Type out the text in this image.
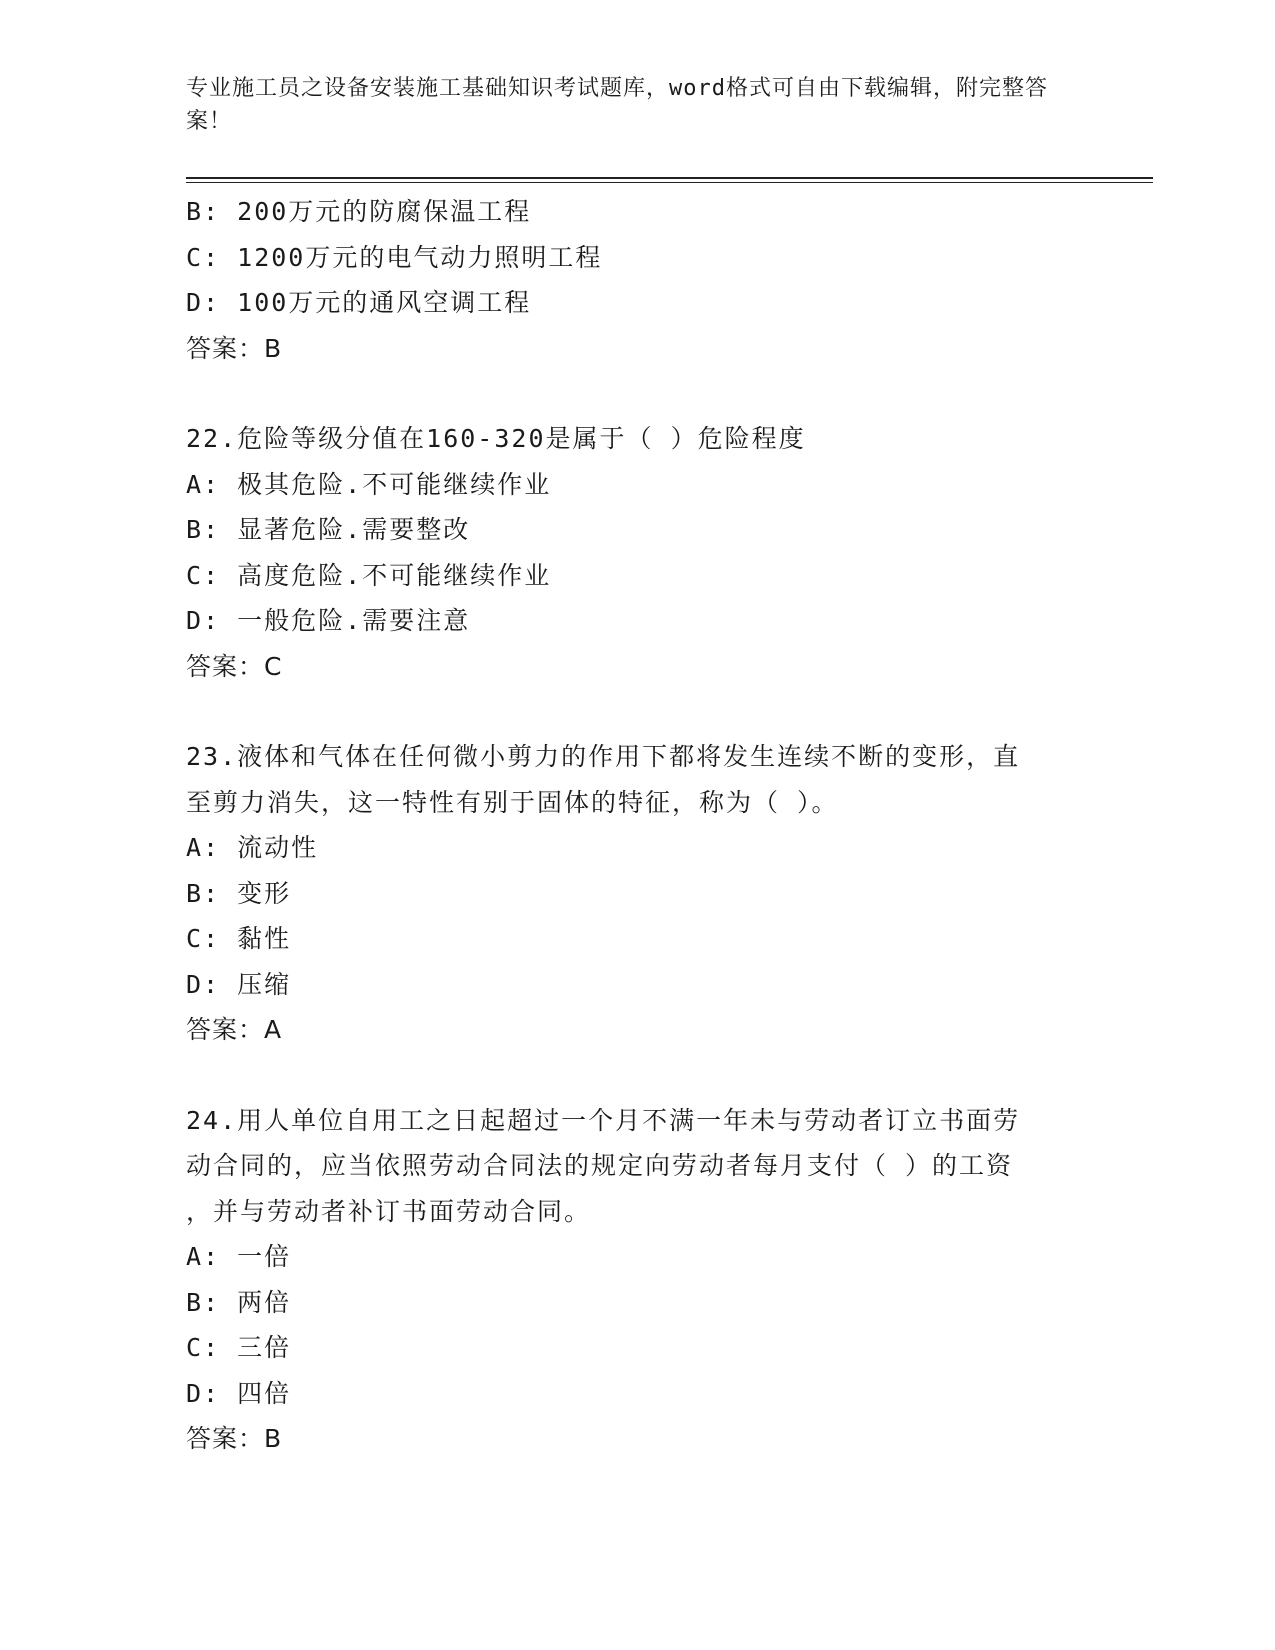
专业施工员之设备安装施工基础知识考试题库，word格式可自由下载编辑，附完整答案！
B: 200万元的防腐保温工程
C: 1200万元的电气动力照明工程
D: 100万元的通风空调工程
答案：B
22.危险等级分值在160-320是属于（ ）危险程度
A: 极其危险.不可能继续作业
B: 显著危险.需要整改
C: 高度危险.不可能继续作业
D: 一般危险.需要注意
答案：C
23.液体和气体在任何微小剪力的作用下都将发生连续不断的变形，直
至剪力消失，这一特性有别于固体的特征，称为（ ）。
A: 流动性
B: 变形
C: 黏性
D: 压缩
答案：A
24.用人单位自用工之日起超过一个月不满一年未与劳动者订立书面劳
动合同的，应当依照劳动合同法的规定向劳动者每月支付（ ）的工资
，并与劳动者补订书面劳动合同。
A: 一倍
B: 两倍
C: 三倍
D: 四倍
答案：B
